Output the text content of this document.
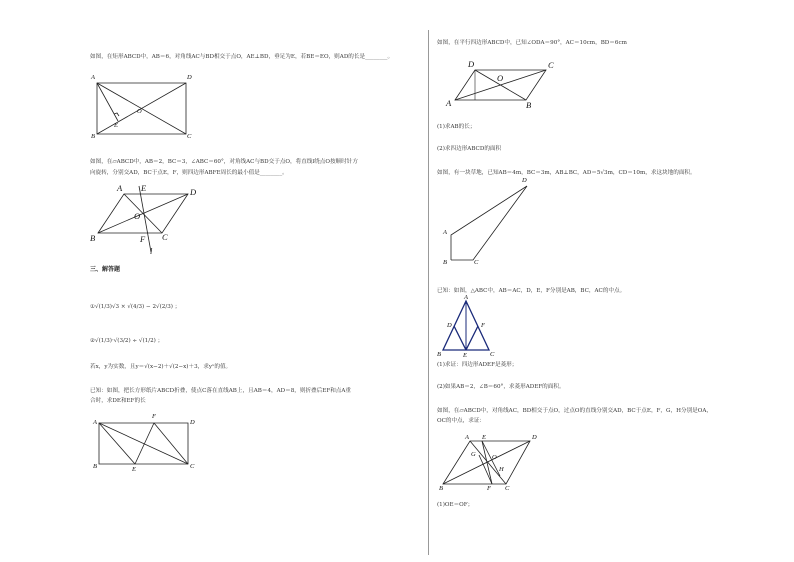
如图，在矩形ABCD中，AB＝6，对角线AC与BD相交于点O，AE⊥BD，垂足为E，若BE＝EO，则AD的长是________。
A	D
B	C
E
O
如图，在▱ABCD中，AB＝2，BC＝3，∠ABC＝60°，对角线AC与BD交于点O，将直线l绕点O按顺时针方
向旋转，分别交AD，BC于点E，F，则四边形ABFE周长的最小值是________。
A E	D
O
B	F C
l
三、解答题
①√(1/3)√3 × √(4/3) − 2√(2/3) ；
②√(1/3)·√(3/2) ÷ √(1/2) ；
若x，y为实数，且y＝√(x−2)＋√(2−x)＋3，求yˣ的值。
已知：如图，把长方形纸片ABCD折叠，使点C落在直线AB上，且AB＝4，AD＝8，则折叠后EF和点A重
合时，求DE和EF的长
A
F
D
B	E	C
如图，在平行四边形ABCD中，已知∠ODA＝90°，AC＝10cm，BD＝6cm
D	C
O
A	B
(1)求AB的长；
(2)求四边形ABCD的面积
如图，有一块草地，已知AB＝4m，BC＝3m，AB⊥BC，AD＝5√3m，CD＝10m，求这块地的面积。
A
D
B	C
已知：如图，△ABC中，AB＝AC，D，E，F分别是AB，BC，AC的中点。
A
D	F
B	E	C
(1)求证：四边形ADEF是菱形；
(2)如果AB＝2，∠B＝60°，求菱形ADEF的面积。
如图，在▱ABCD中，对角线AC，BD相交于点O，过点O的直线分别交AD，BC于点E，F，G，H分别是OA，
OC的中点，求证：
A E	D
G	O
H
B	F C
(1)OE＝OF；
